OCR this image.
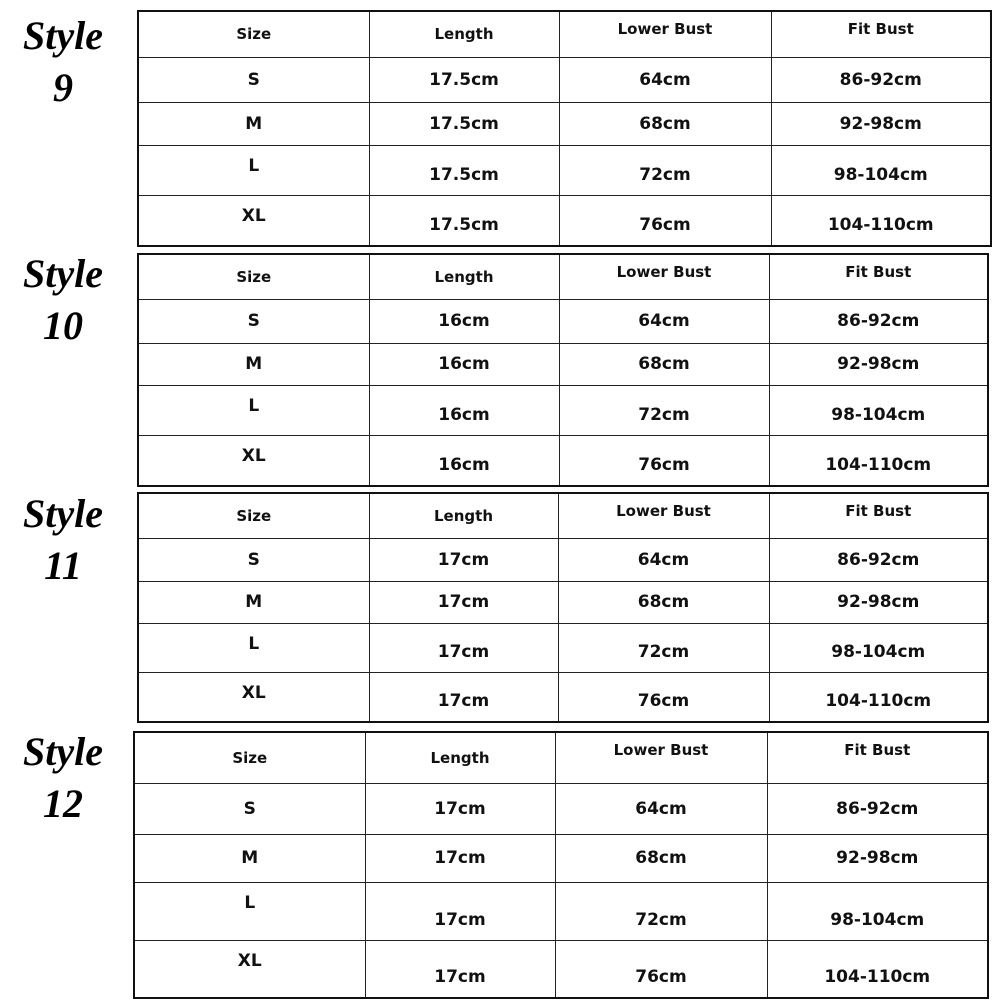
Style
9
Size	Length	Lower Bust	Fit Bust
S	17.5cm	64cm	86-92cm
M	17.5cm	68cm	92-98cm
L	17.5cm	72cm	98-104cm
XL	17.5cm	76cm	104-110cm
Style
10
Size	Length	Lower Bust	Fit Bust
S	16cm	64cm	86-92cm
M	16cm	68cm	92-98cm
L	16cm	72cm	98-104cm
XL	16cm	76cm	104-110cm
Style
11
Size	Length	Lower Bust	Fit Bust
S	17cm	64cm	86-92cm
M	17cm	68cm	92-98cm
L	17cm	72cm	98-104cm
XL	17cm	76cm	104-110cm
Style
12
Size	Length	Lower Bust	Fit Bust
S	17cm	64cm	86-92cm
M	17cm	68cm	92-98cm
L	17cm	72cm	98-104cm
XL	17cm	76cm	104-110cm
